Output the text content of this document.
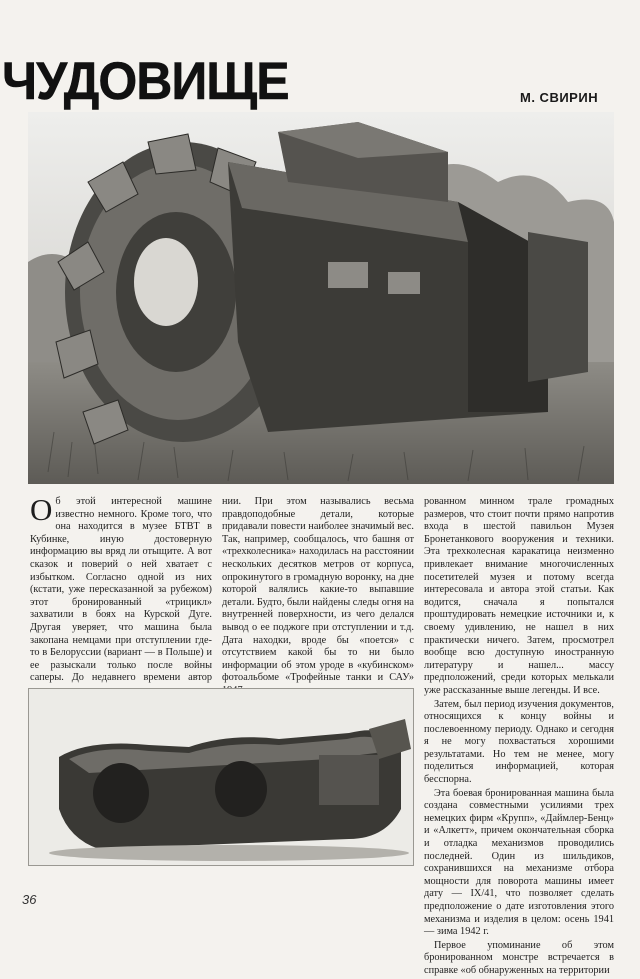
ЧУДОВИЩЕ	М. СВИРИН

Об этой интересной машине известно немного. Кроме того, что она находится в музее БТВТ в Кубинке, иную достоверную информацию вы вряд ли отыщите. А вот сказок и поверий о ней хватает с избытком. Согласно одной из них (кстати, уже пересказанной за рубежом) этот бронированный «трицикл» захватили в боях на Курской Дуге. Другая уверяет, что машина была закопана немцами при отступлении где-то в Белоруссии (вариант — в Польше) и ее разыскали только после войны саперы. До недавнего времени автор

нии. При этом назывались весьма правдоподобные детали, которые придавали повести наиболее значимый вес. Так, например, сообщалось, что башня от «трехколесника» находилась на расстоянии нескольких десятков метров от корпуса, опрокинутого в громадную воронку, на дне которой валялись какие-то выпавшие детали. Будто, были найдены следы огня на внутренней поверхности, из чего делался вывод о ее поджоге при отступлении и т.д. Дата находки, вроде бы «поется» с отсутствием какой бы то ни было информации об этом уроде в «кубинском» фотоальбоме «Трофейные танки и САУ»

рованном минном трале громадных размеров, что стоит почти прямо напротив входа в шестой павильон Музея Бронетанкового вооружения и техники. Эта трехколесная каракатица неизменно привлекает внимание многочисленных посетителей музея и потому всегда интересовала и автора этой статьи. Как водится, сначала я попытался проштудировать немецкие источники и, к своему удивлению, не нашел в них практически ничего. Затем, просмотрел вообще всю доступную иностранную литературу и нашел... массу предположений, среди которых мелькали уже рассказанные выше легенды. И все.

Затем, был период изучения документов, относящихся к концу войны и послевоенному периоду. Однако и сегодня я не могу похвастаться хорошими результатами. Но тем не менее, могу поделиться информацией, которая бесспорна.

Эта боевая бронированная машина была создана совместными усилиями трех немецких фирм «Крупп», «Даймлер-Бенц» и «Алкетт», причем окончательная сборка и отладка механизмов проводились последней. Один из шильдиков, сохранившихся на механизме отбора мощности для поворота машины имеет дату — IX/41, что позволяет сделать предположение о дате изготовления этого механизма и изделия в целом: осень 1941 — зима 1942 г.

Первое упоминание об этом бронированном монстре встречается в справке «об обнаруженных на территории

36
